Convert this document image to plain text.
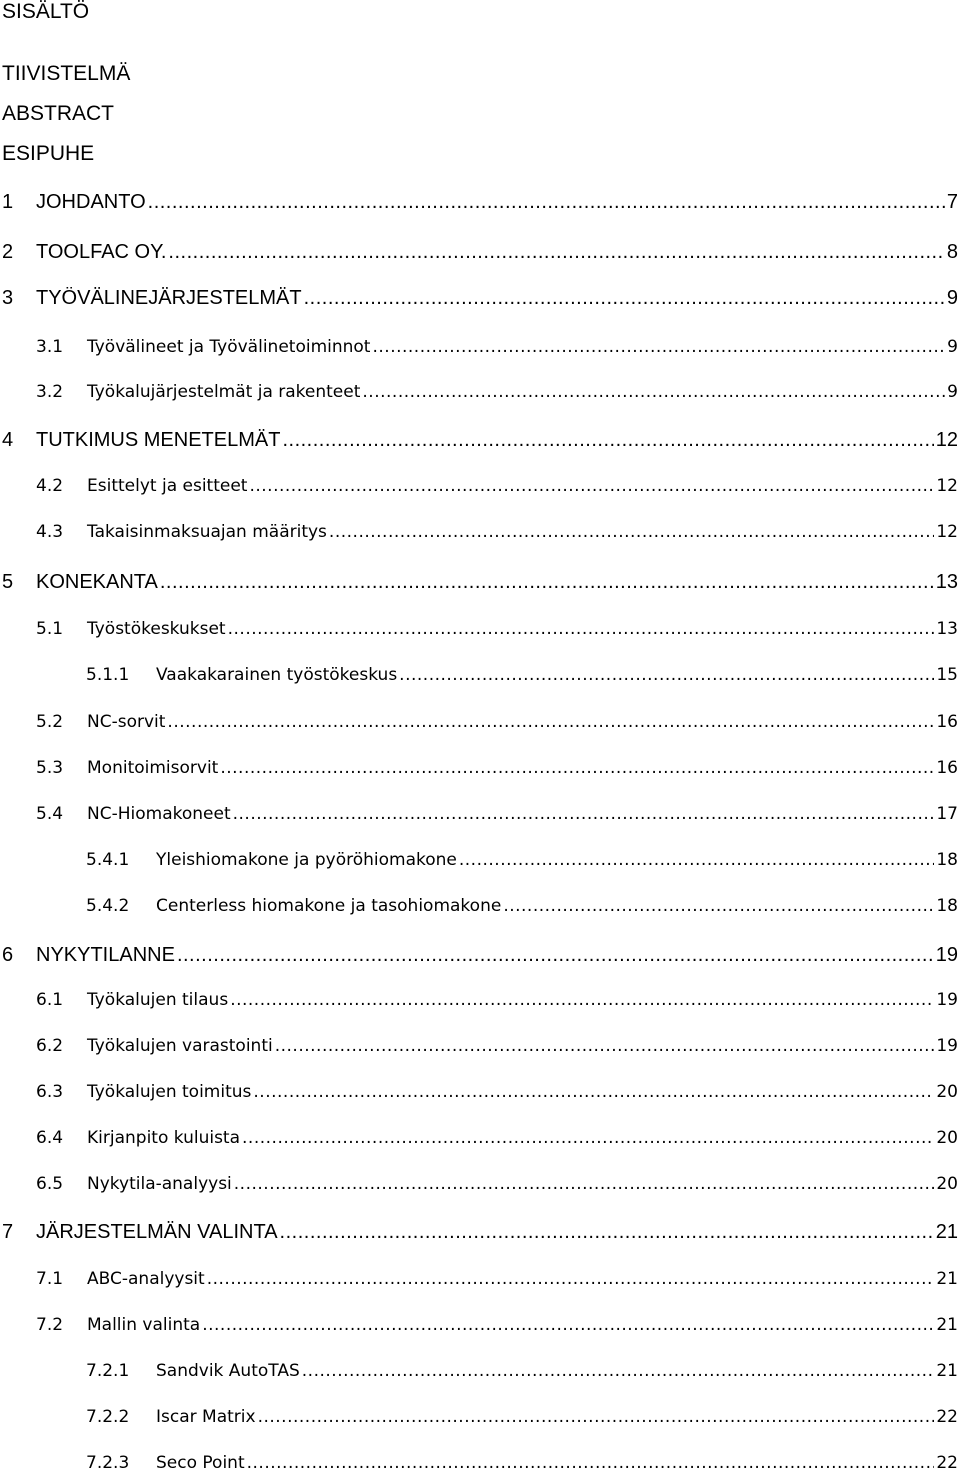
SISÄLTÖ
TIIVISTELMÄ
ABSTRACT
ESIPUHE
1	JOHDANTO .....	7
2	TOOLFAC OY. .....	8
3	TYÖVÄLINEJÄRJESTELMÄT .....	9
3.1	Työvälineet ja Työvälinetoiminnot .....	9
3.2	Työkalujärjestelmät ja rakenteet .....	9
4	TUTKIMUS MENETELMÄT .....	12
4.2	Esittelyt ja esitteet .....	12
4.3	Takaisinmaksuajan määritys .....	12
5	KONEKANTA .....	13
5.1	Työstökeskukset .....	13
5.1.1	Vaakakarainen työstökeskus .....	15
5.2	NC-sorvit .....	16
5.3	Monitoimisorvit .....	16
5.4	NC-Hiomakoneet .....	17
5.4.1	Yleishiomakone ja pyöröhiomakone .....	18
5.4.2	Centerless hiomakone ja tasohiomakone .....	18
6	NYKYTILANNE .....	19
6.1	Työkalujen tilaus .....	19
6.2	Työkalujen varastointi .....	19
6.3	Työkalujen toimitus .....	20
6.4	Kirjanpito kuluista .....	20
6.5	Nykytila-analyysi .....	20
7	JÄRJESTELMÄN VALINTA .....	21
7.1	ABC-analyysit .....	21
7.2	Mallin valinta .....	21
7.2.1	Sandvik AutoTAS .....	21
7.2.2	Iscar Matrix .....	22
7.2.3	Seco Point .....	22
